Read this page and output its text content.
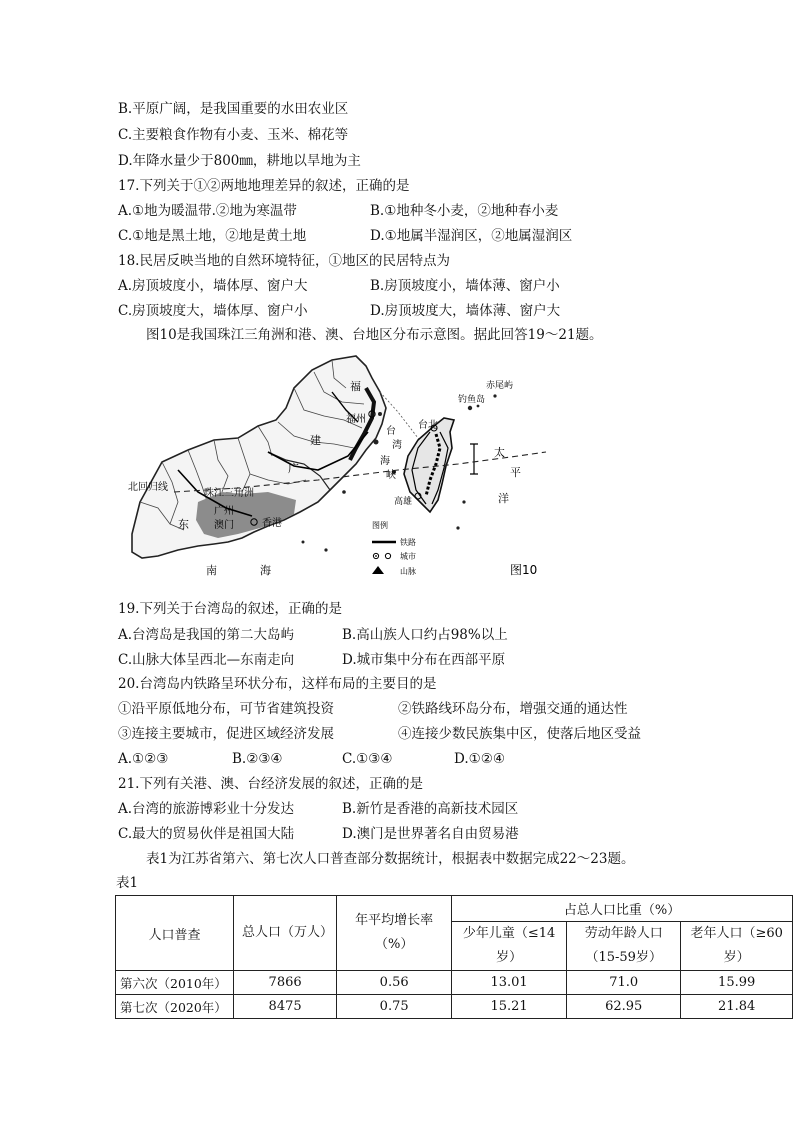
B.平原广阔，是我国重要的水田农业区
C.主要粮食作物有小麦、玉米、棉花等
D.年降水量少于800㎜，耕地以旱地为主
17.下列关于①②两地地理差异的叙述，正确的是
A.①地为暖温带.②地为寒温带	B.①地种冬小麦，②地种春小麦
C.①地是黑土地，②地是黄土地	D.①地属半湿润区，②地属湿润区
18.民居反映当地的自然环境特征，①地区的民居特点为
A.房顶坡度小，墙体厚、窗户大	B.房顶坡度小，墙体薄、窗户小
C.房顶坡度大，墙体厚、窗户小	D.房顶坡度大，墙体薄、窗户大
图10是我国珠江三角洲和港、澳、台地区分布示意图。据此回答19～21题。
福
福州
建
广
东
珠江三角洲
广州
澳门	香港
北回归线
南	海
台北
台
湾
海
峡
高雄
钓鱼岛
赤尾屿
太
平
洋
图例
铁路
城市
山脉	图10
19.下列关于台湾岛的叙述，正确的是
A.台湾岛是我国的第二大岛屿	B.高山族人口约占98%以上
C.山脉大体呈西北—东南走向	D.城市集中分布在西部平原
20.台湾岛内铁路呈环状分布，这样布局的主要目的是
①沿平原低地分布，可节省建筑投资	②铁路线环岛分布，增强交通的通达性
③连接主要城市，促进区域经济发展	④连接少数民族集中区，使落后地区受益
A.①②③	B.②③④	C.①③④	D.①②④
21.下列有关港、澳、台经济发展的叙述，正确的是
A.台湾的旅游博彩业十分发达	B.新竹是香港的高新技术园区
C.最大的贸易伙伴是祖国大陆	D.澳门是世界著名自由贸易港
表1为江苏省第六、第七次人口普查部分数据统计，根据表中数据完成22～23题。
表1
人口普查	总人口（万人）	年平均增长率（%）	占总人口比重（%）		
			少年儿童（≤14岁）	劳动年龄人口（15-59岁）	老年人口（≥60岁）
第六次（2010年）	7866	0.56	13.01	71.0	15.99
第七次（2020年）	8475	0.75	15.21	62.95	21.84
